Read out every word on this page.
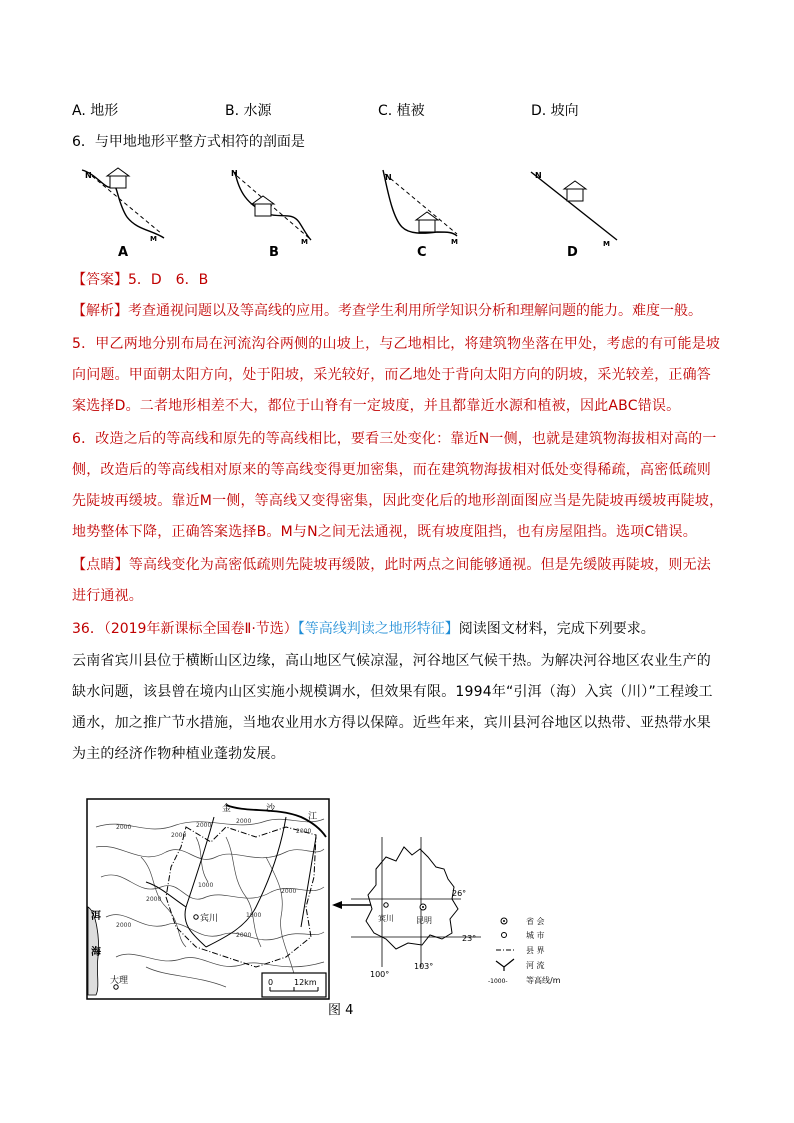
A. 地形	B. 水源	C. 植被	D. 坡向
6．与甲地地形平整方式相符的剖面是
N
M
A
N
M
B
N
M
C
N
M
D
【答案】5．D　6．B
【解析】考查通视问题以及等高线的应用。考查学生利用所学知识分析和理解问题的能力。难度一般。
5．甲乙两地分别布局在河流沟谷两侧的山坡上，与乙地相比，将建筑物坐落在甲处，考虑的有可能是坡向问题。甲面朝太阳方向，处于阳坡，采光较好，而乙地处于背向太阳方向的阴坡，采光较差，正确答案选择D。二者地形相差不大，都位于山脊有一定坡度，并且都靠近水源和植被，因此ABC错误。
6．改造之后的等高线和原先的等高线相比，要看三处变化：靠近N一侧，也就是建筑物海拔相对高的一侧，改造后的等高线相对原来的等高线变得更加密集，而在建筑物海拔相对低处变得稀疏，高密低疏则先陡坡再缓坡。靠近M一侧，等高线又变得密集，因此变化后的地形剖面图应当是先陡坡再缓坡再陡坡，地势整体下降，正确答案选择B。M与N之间无法通视，既有坡度阻挡，也有房屋阻挡。选项C错误。
【点睛】等高线变化为高密低疏则先陡坡再缓陂，此时两点之间能够通视。但是先缓陂再陡坡，则无法进行通视。
36．（2019年新课标全国卷Ⅱ·节选）【等高线判读之地形特征】阅读图文材料，完成下列要求。
云南省宾川县位于横断山区边缘，高山地区气候凉湿，河谷地区气候干热。为解决河谷地区农业生产的缺水问题，该县曾在境内山区实施小规模调水，但效果有限。1994年“引洱（海）入宾（川）”工程竣工通水，加之推广节水措施，当地农业用水方得以保障。近些年来，宾川县河谷地区以热带、亚热带水果为主的经济作物种植业蓬勃发展。
金	沙
江
2000
2000
2000
2000
2000
1000
2000
2000
2000
2000
1000
洱
海
宾川
大理	0	12km
宾川	昆明
26°
23°
100°
103°
省 会
城 市
县 界
河 流
-1000- 等高线/m
图 4
